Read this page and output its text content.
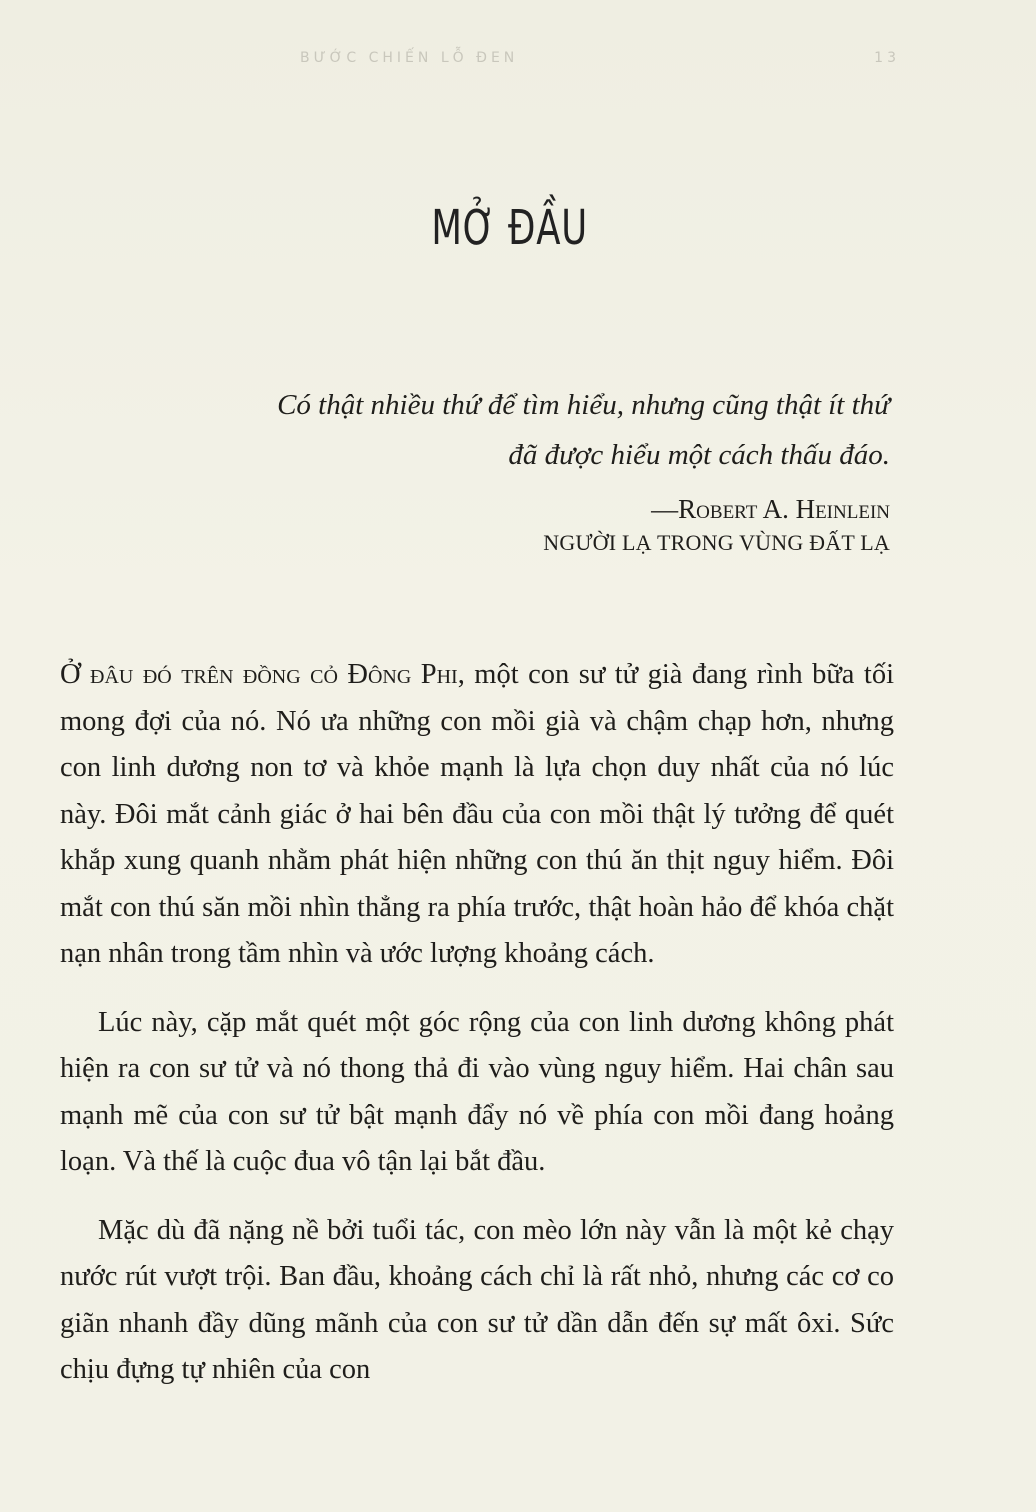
BƯỚC CHIẾN LỖ ĐEN	13
MỞ ĐẦU

Có thật nhiều thứ để tìm hiểu, nhưng cũng thật ít thứ
đã được hiểu một cách thấu đáo.

—Robert A. Heinlein
NGƯỜI LẠ TRONG VÙNG ĐẤT LẠ

Ở đâu đó trên đồng cỏ Đông Phi, một con sư tử già đang rình bữa tối mong đợi của nó. Nó ưa những con mồi già và chậm chạp hơn, nhưng con linh dương non tơ và khỏe mạnh là lựa chọn duy nhất của nó lúc này. Đôi mắt cảnh giác ở hai bên đầu của con mồi thật lý tưởng để quét khắp xung quanh nhằm phát hiện những con thú ăn thịt nguy hiểm. Đôi mắt con thú săn mồi nhìn thẳng ra phía trước, thật hoàn hảo để khóa chặt nạn nhân trong tầm nhìn và ước lượng khoảng cách.

Lúc này, cặp mắt quét một góc rộng của con linh dương không phát hiện ra con sư tử và nó thong thả đi vào vùng nguy hiểm. Hai chân sau mạnh mẽ của con sư tử bật mạnh đẩy nó về phía con mồi đang hoảng loạn. Và thế là cuộc đua vô tận lại bắt đầu.

Mặc dù đã nặng nề bởi tuổi tác, con mèo lớn này vẫn là một kẻ chạy nước rút vượt trội. Ban đầu, khoảng cách chỉ là rất nhỏ, nhưng các cơ co giãn nhanh đầy dũng mãnh của con sư tử dần dẫn đến sự mất ôxi. Sức chịu đựng tự nhiên của con
